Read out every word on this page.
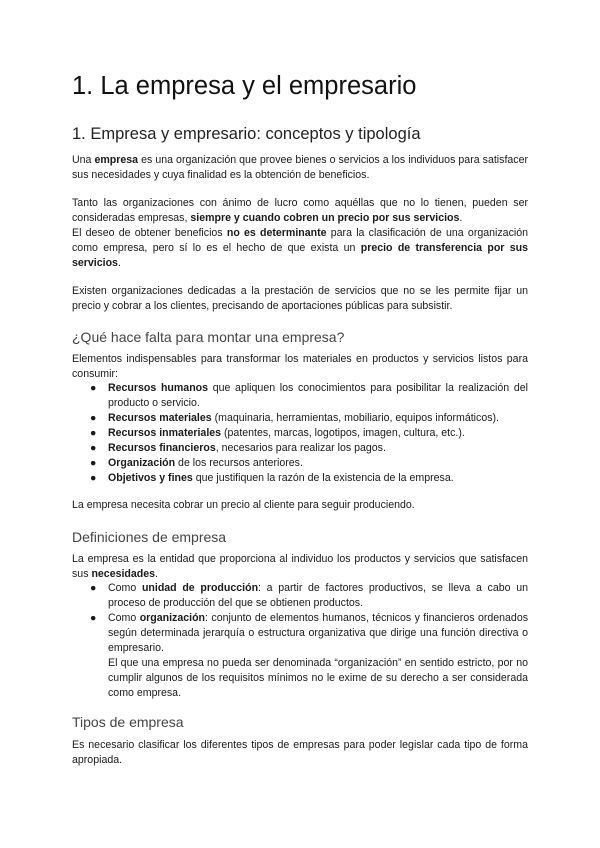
1. La empresa y el empresario
1. Empresa y empresario: conceptos y tipología

Una empresa es una organización que provee bienes o servicios a los individuos para satisfacer sus necesidades y cuya finalidad es la obtención de beneficios.

Tanto las organizaciones con ánimo de lucro como aquéllas que no lo tienen, pueden ser consideradas empresas, siempre y cuando cobren un precio por sus servicios.
El deseo de obtener beneficios no es determinante para la clasificación de una organización como empresa, pero sí lo es el hecho de que exista un precio de transferencia por sus servicios.

Existen organizaciones dedicadas a la prestación de servicios que no se les permite fijar un precio y cobrar a los clientes, precisando de aportaciones públicas para subsistir.

¿Qué hace falta para montar una empresa?

Elementos indispensables para transformar los materiales en productos y servicios listos para consumir:

● Recursos humanos que apliquen los conocimientos para posibilitar la realización del producto o servicio.
● Recursos materiales (maquinaria, herramientas, mobiliario, equipos informáticos).
● Recursos inmateriales (patentes, marcas, logotipos, imagen, cultura, etc.).
● Recursos financieros, necesarios para realizar los pagos.
● Organización de los recursos anteriores.
● Objetivos y fines que justifiquen la razón de la existencia de la empresa.

La empresa necesita cobrar un precio al cliente para seguir produciendo.

Definiciones de empresa

La empresa es la entidad que proporciona al individuo los productos y servicios que satisfacen sus necesidades.

● Como unidad de producción: a partir de factores productivos, se lleva a cabo un proceso de producción del que se obtienen productos.
● Como organización: conjunto de elementos humanos, técnicos y financieros ordenados según determinada jerarquía o estructura organizativa que dirige una función directiva o empresario.
El que una empresa no pueda ser denominada “organización” en sentido estricto, por no cumplir algunos de los requisitos mínimos no le exime de su derecho a ser considerada como empresa.
Tipos de empresa

Es necesario clasificar los diferentes tipos de empresas para poder legislar cada tipo de forma apropiada.
